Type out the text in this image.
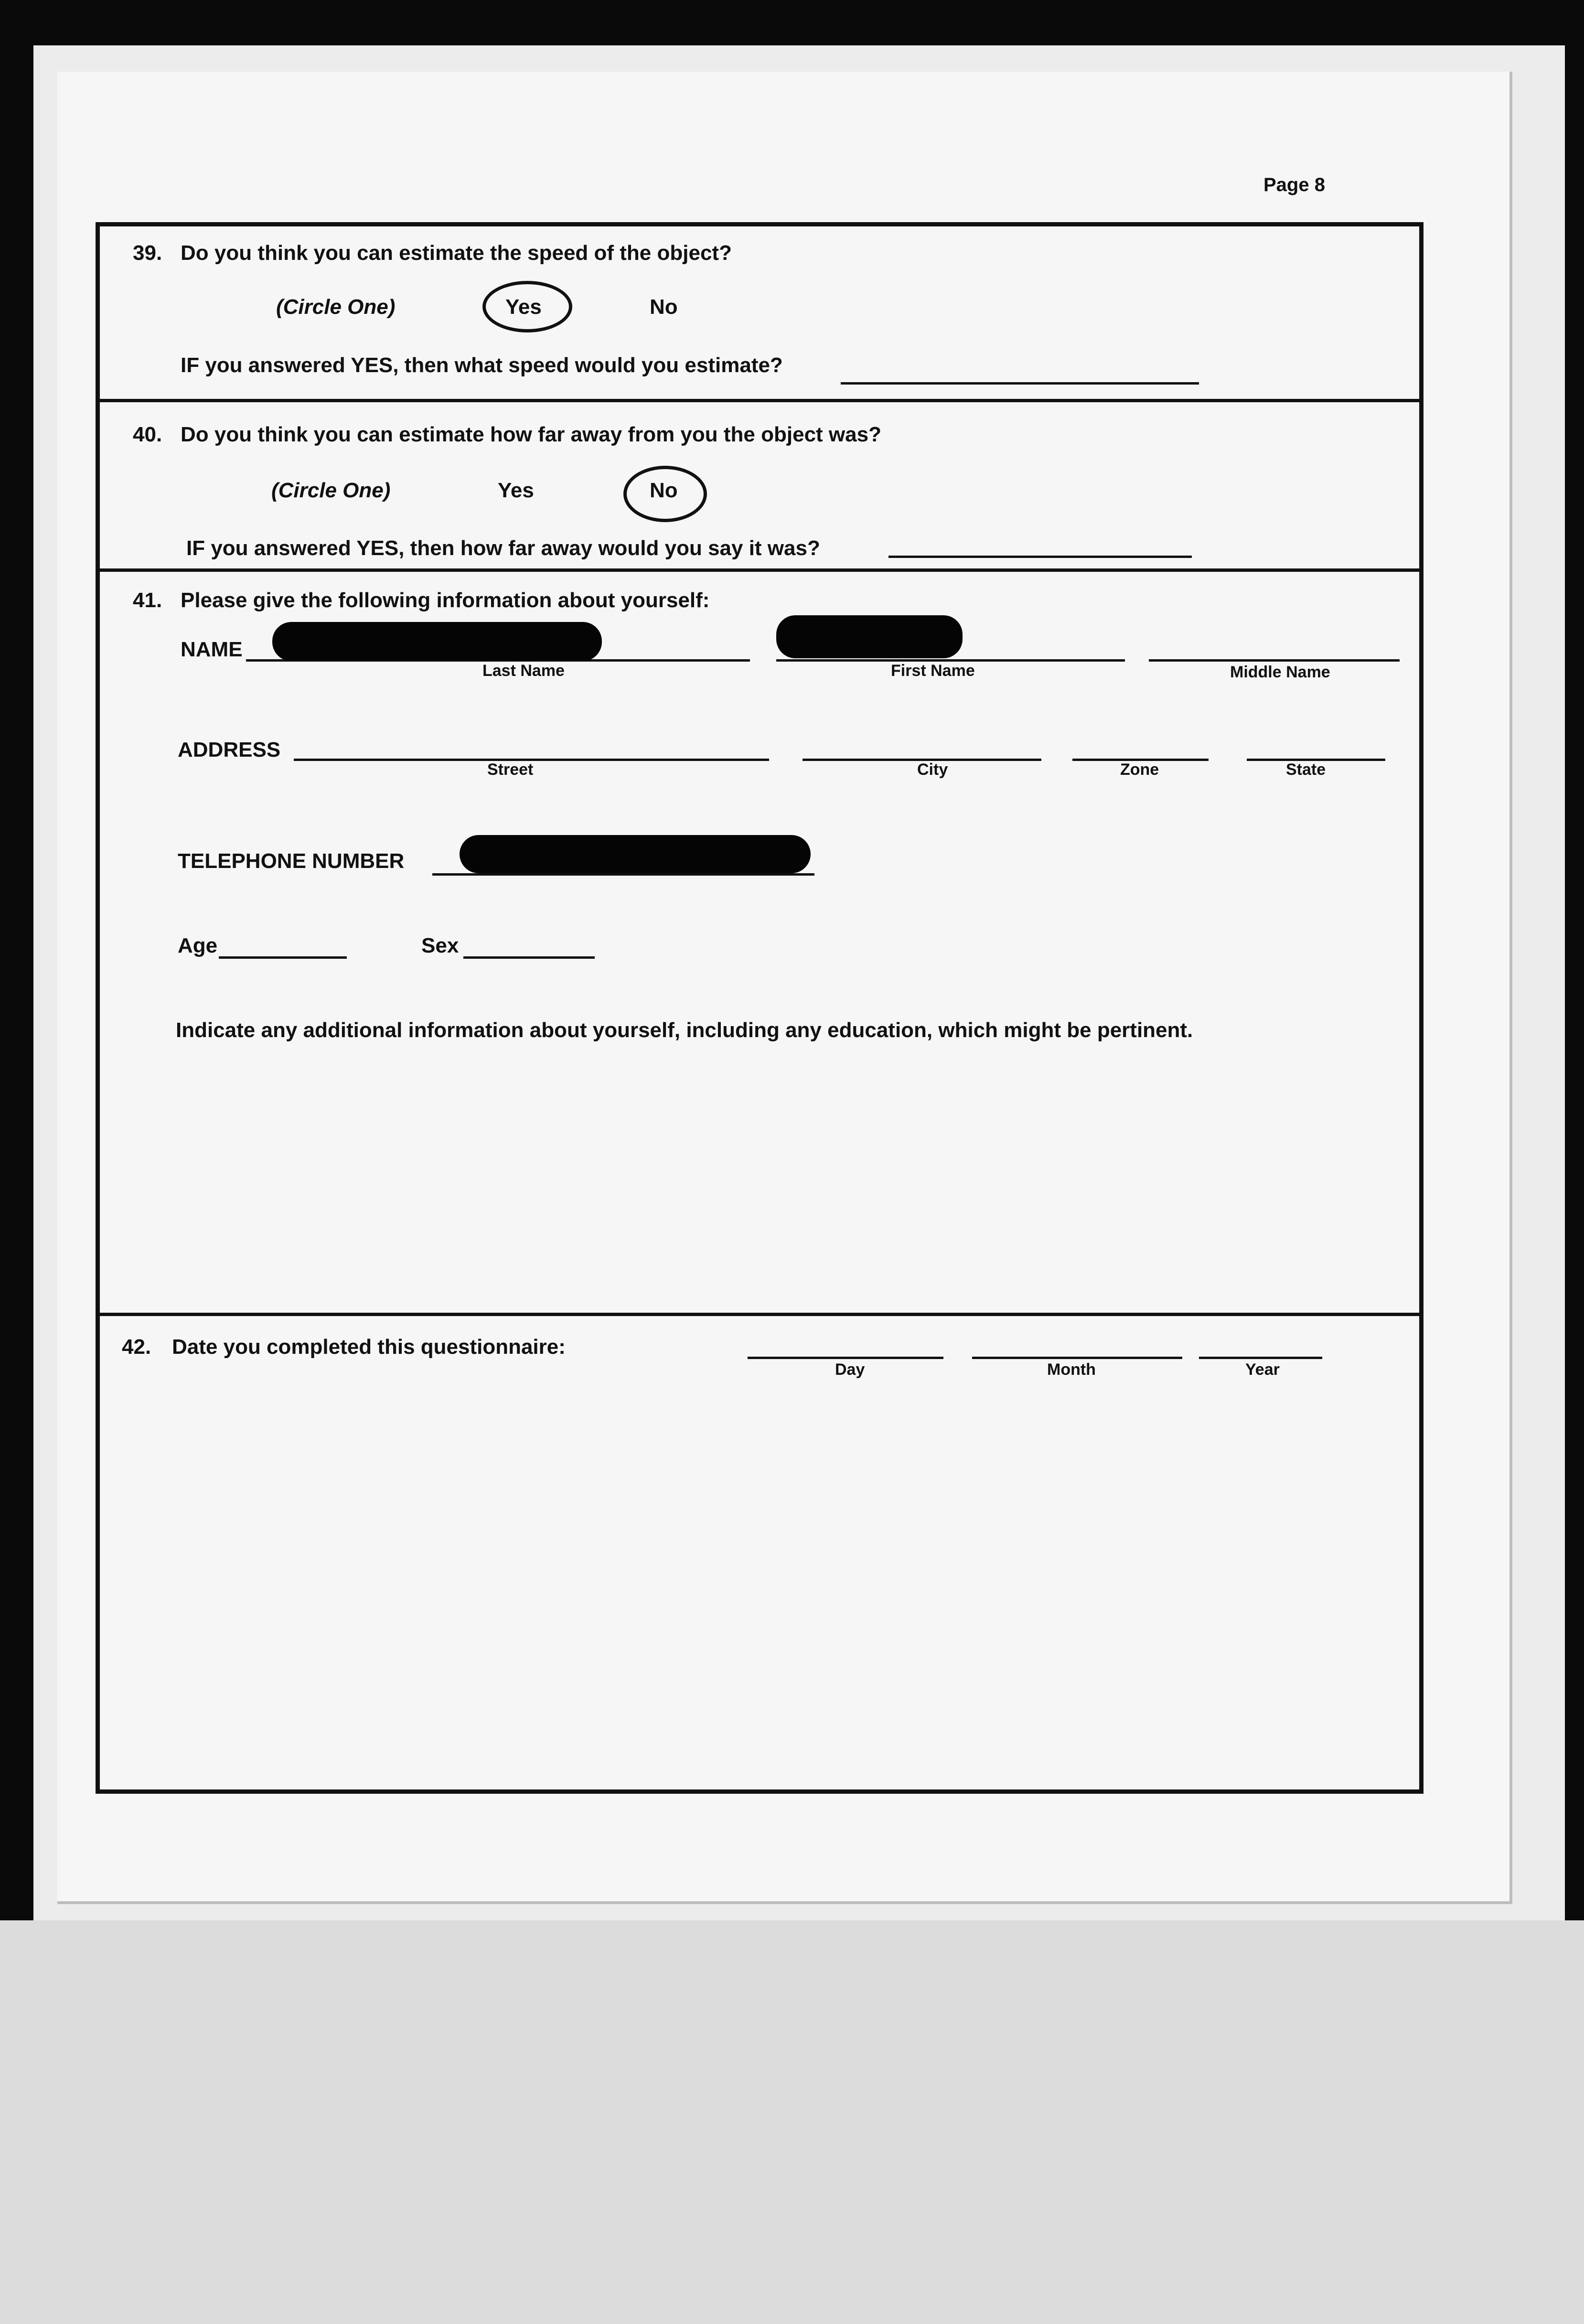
Page 8
39. Do you think you can estimate the speed of the object?
(Circle One)	Yes	No
IF you answered YES, then what speed would you estimate?
40. Do you think you can estimate how far away from you the object was?
(Circle One)	Yes	No
IF you answered YES, then how far away would you say it was?
41. Please give the following information about yourself:
NAME
Last Name	First Name	Middle Name
ADDRESS
Street	City	Zone	State
TELEPHONE NUMBER
Age	Sex
Indicate any additional information about yourself, including any education, which might be pertinent.
42. Date you completed this questionnaire:
Day	Month	Year
